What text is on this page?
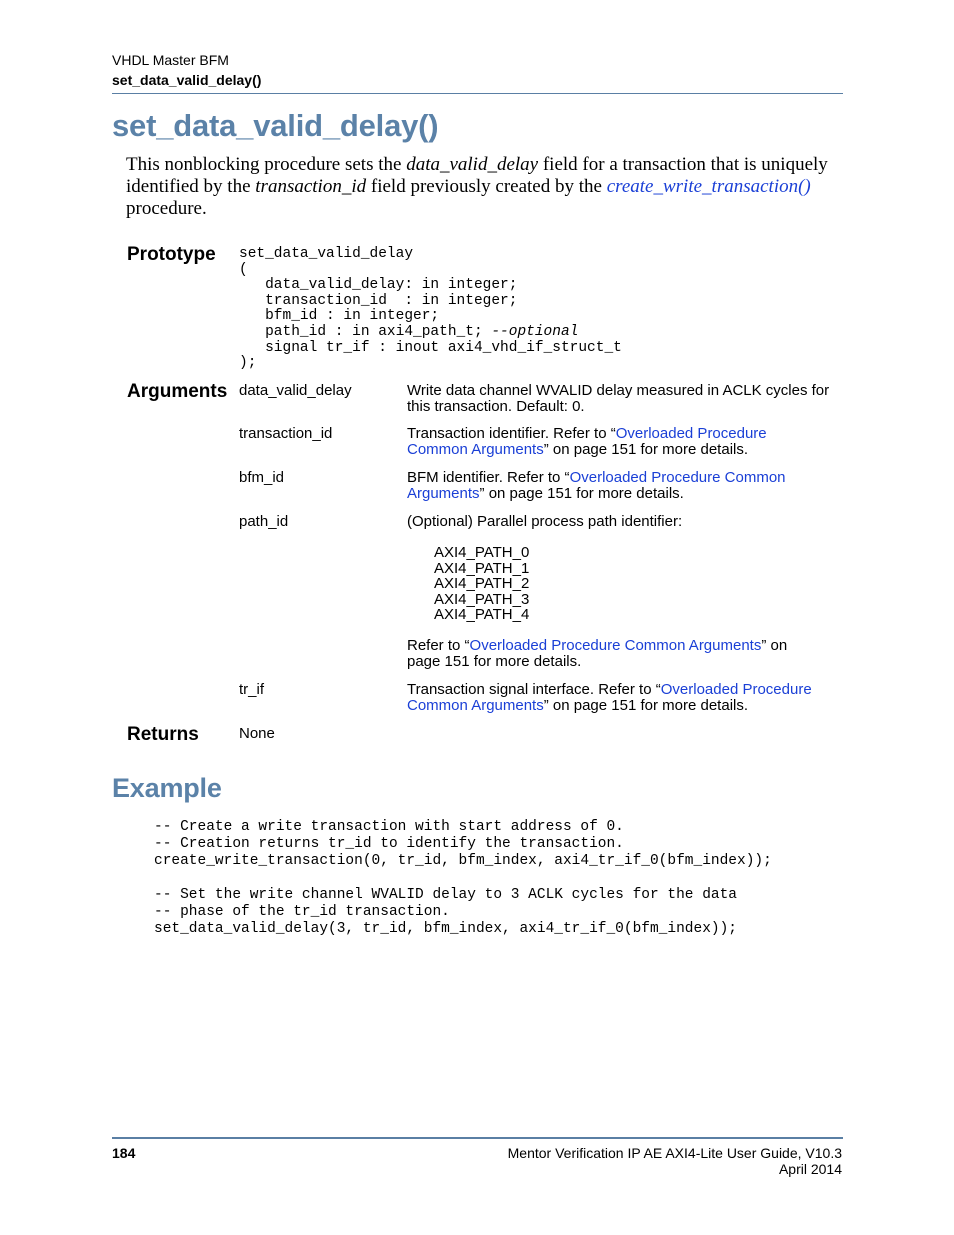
VHDL Master BFM
set_data_valid_delay()
set_data_valid_delay()
This nonblocking procedure sets the data_valid_delay field for a transaction that is uniquely identified by the transaction_id field previously created by the create_write_transaction()
procedure.
Prototype set_data_valid_delay
(
data_valid_delay: in integer;
transaction_id  : in integer;
bfm_id : in integer;
path_id : in axi4_path_t; --optional
signal tr_if : inout axi4_vhd_if_struct_t
);
Arguments data_valid_delay	Write data channel WVALID delay measured in ACLK cycles for this transaction. Default: 0.
transaction_id	Transaction identifier. Refer to “Overloaded Procedure Common Arguments” on page 151 for more details.
bfm_id	BFM identifier. Refer to “Overloaded Procedure Common Arguments” on page 151 for more details.
path_id	(Optional) Parallel process path identifier:
AXI4_PATH_0
AXI4_PATH_1
AXI4_PATH_2
AXI4_PATH_3
AXI4_PATH_4
Refer to “Overloaded Procedure Common Arguments” on page 151 for more details.
tr_if	Transaction signal interface. Refer to “Overloaded Procedure Common Arguments” on page 151 for more details.
Returns	None
Example
-- Create a write transaction with start address of 0.
-- Creation returns tr_id to identify the transaction.
create_write_transaction(0, tr_id, bfm_index, axi4_tr_if_0(bfm_index));

-- Set the write channel WVALID delay to 3 ACLK cycles for the data
-- phase of the tr_id transaction.
set_data_valid_delay(3, tr_id, bfm_index, axi4_tr_if_0(bfm_index));
184	Mentor Verification IP AE AXI4-Lite User Guide, V10.3
April 2014
